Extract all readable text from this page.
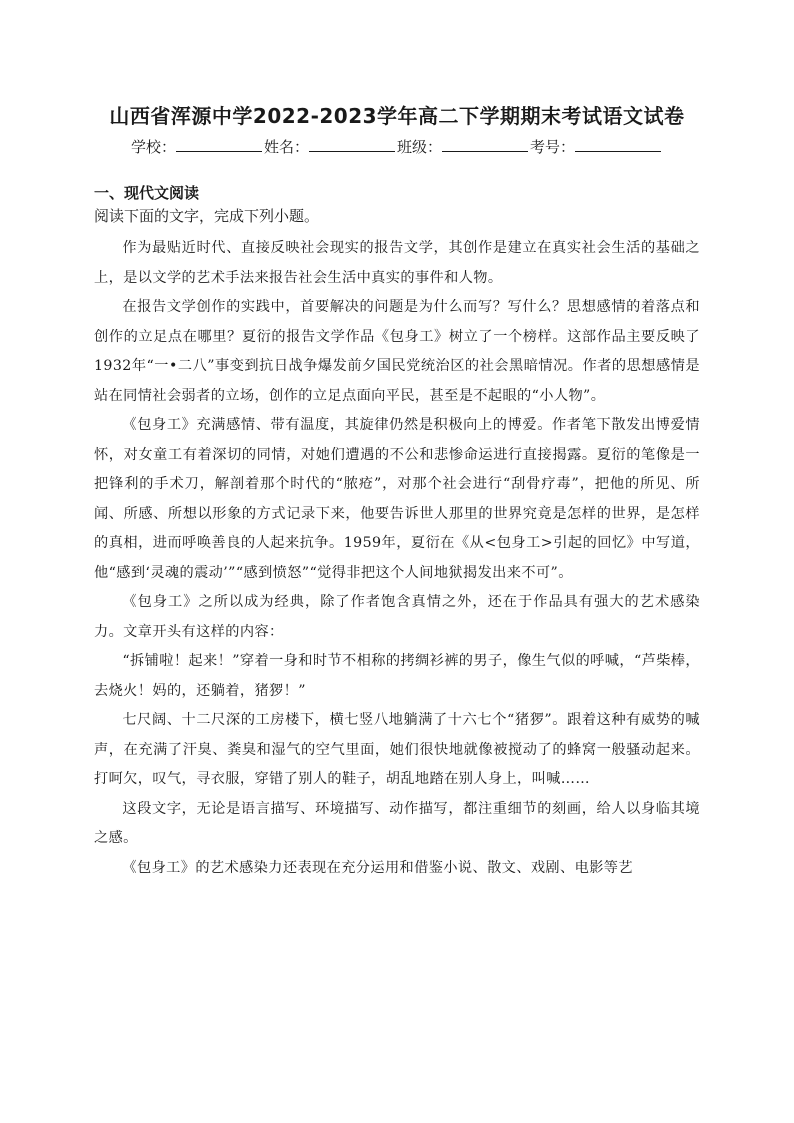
山西省浑源中学2022-2023学年高二下学期期末考试语文试卷
学校：	姓名：	班级：	考号：
一、现代文阅读
阅读下面的文字，完成下列小题。

作为最贴近时代、直接反映社会现实的报告文学，其创作是建立在真实社会生活的基础之上，是以文学的艺术手法来报告社会生活中真实的事件和人物。

在报告文学创作的实践中，首要解决的问题是为什么而写？写什么？思想感情的着落点和创作的立足点在哪里？夏衍的报告文学作品《包身工》树立了一个榜样。这部作品主要反映了1932年“一•二八”事变到抗日战争爆发前夕国民党统治区的社会黑暗情况。作者的思想感情是站在同情社会弱者的立场，创作的立足点面向平民，甚至是不起眼的“小人物”。

《包身工》充满感情、带有温度，其旋律仍然是积极向上的博爱。作者笔下散发出博爱情怀，对女童工有着深切的同情，对她们遭遇的不公和悲惨命运进行直接揭露。夏衍的笔像是一把锋利的手术刀，解剖着那个时代的“脓疮”，对那个社会进行“刮骨疗毒”，把他的所见、所闻、所感、所想以形象的方式记录下来，他要告诉世人那里的世界究竟是怎样的世界，是怎样的真相，进而呼唤善良的人起来抗争。1959年，夏衍在《从<包身工>引起的回忆》中写道，他“感到‘灵魂的震动’”“感到愤怒”“觉得非把这个人间地狱揭发出来不可”。

《包身工》之所以成为经典，除了作者饱含真情之外，还在于作品具有强大的艺术感染力。文章开头有这样的内容：

“拆铺啦！起来！”穿着一身和时节不相称的拷绸衫裤的男子，像生气似的呼喊，“芦柴棒，去烧火！妈的，还躺着，猪猡！”

七尺阔、十二尺深的工房楼下，横七竖八地躺满了十六七个“猪猡”。跟着这种有威势的喊声，在充满了汗臭、粪臭和湿气的空气里面，她们很快地就像被搅动了的蜂窝一般骚动起来。打呵欠，叹气，寻衣服，穿错了别人的鞋子，胡乱地踏在别人身上，叫喊……

这段文字，无论是语言描写、环境描写、动作描写，都注重细节的刻画，给人以身临其境之感。

《包身工》的艺术感染力还表现在充分运用和借鉴小说、散文、戏剧、电影等艺
